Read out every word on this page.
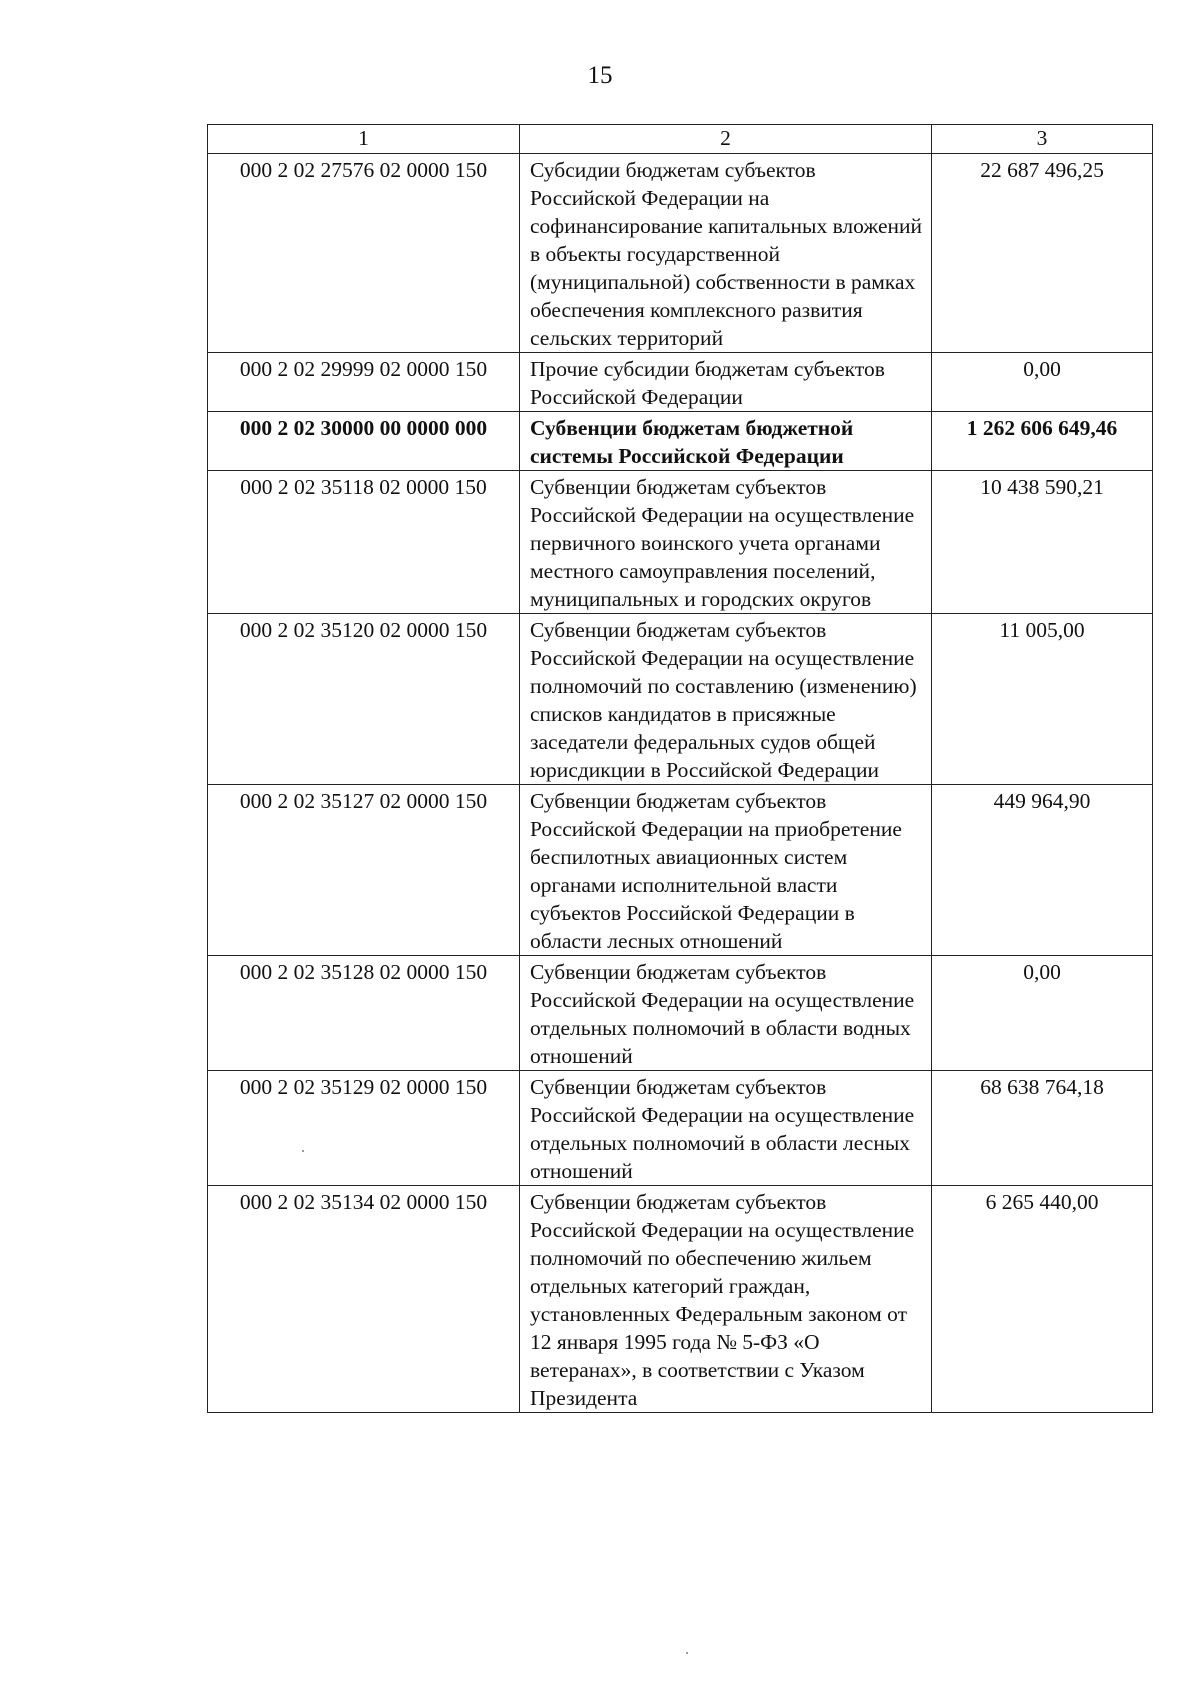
15
1	2	3
000 2 02 27576 02 0000 150	Субсидии бюджетам субъектов Российской Федерации на софинансирование капитальных вложений в объекты государственной (муниципальной) собственности в рамках обеспечения комплексного развития сельских территорий	22 687 496,25
000 2 02 29999 02 0000 150	Прочие субсидии бюджетам субъектов Российской Федерации	0,00
000 2 02 30000 00 0000 000	Субвенции бюджетам бюджетной системы Российской Федерации	1 262 606 649,46
000 2 02 35118 02 0000 150	Субвенции бюджетам субъектов Российской Федерации на осуществление первичного воинского учета органами местного самоуправления поселений, муниципальных и городских округов	10 438 590,21
000 2 02 35120 02 0000 150	Субвенции бюджетам субъектов Российской Федерации на осуществление полномочий по составлению (изменению) списков кандидатов в присяжные заседатели федеральных судов общей юрисдикции в Российской Федерации	11 005,00
000 2 02 35127 02 0000 150	Субвенции бюджетам субъектов Российской Федерации на приобретение беспилотных авиационных систем органами исполнительной власти субъектов Российской Федерации в области лесных отношений	449 964,90
000 2 02 35128 02 0000 150	Субвенции бюджетам субъектов Российской Федерации на осуществление отдельных полномочий в области водных отношений	0,00
000 2 02 35129 02 0000 150	Субвенции бюджетам субъектов Российской Федерации на осуществление отдельных полномочий в области лесных отношений	68 638 764,18
000 2 02 35134 02 0000 150	Субвенции бюджетам субъектов Российской Федерации на осуществление полномочий по обеспечению жильем отдельных категорий граждан, установленных Федеральным законом от 12 января 1995 года № 5-ФЗ «О ветеранах», в соответствии с Указом Президента	6 265 440,00
